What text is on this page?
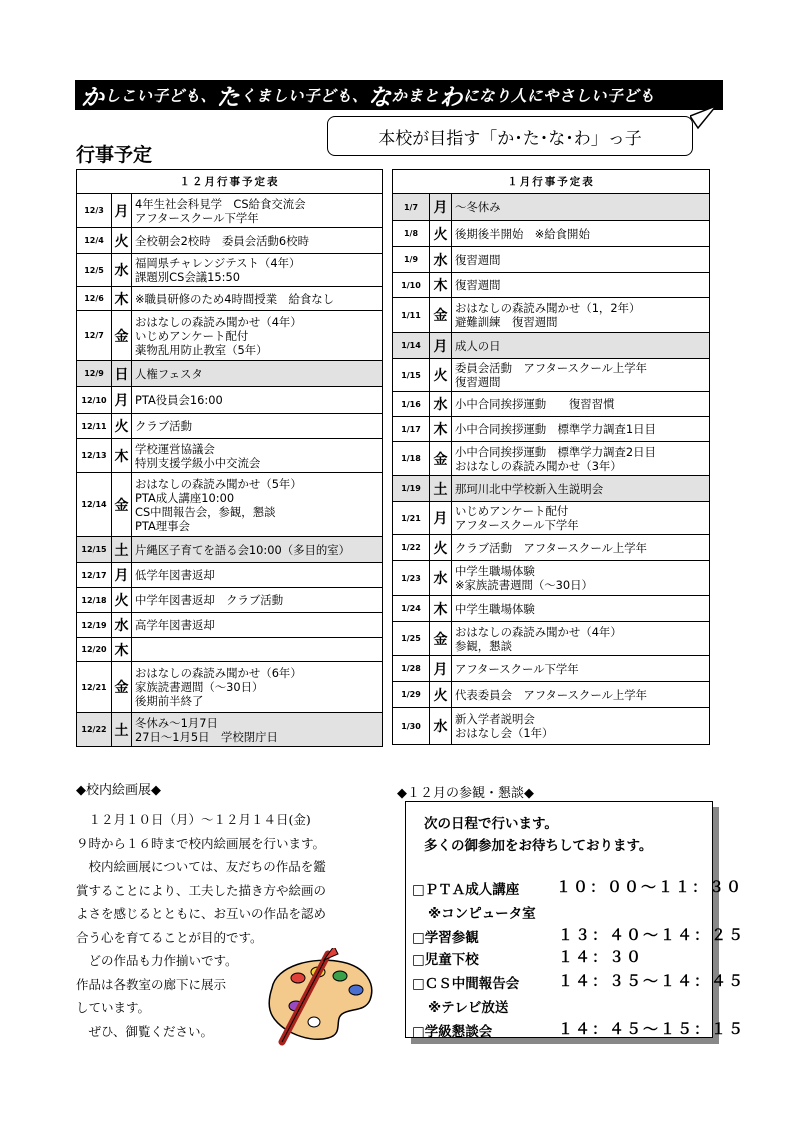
か しこい子ども、 た くましい子ども、 な かまと わ になり人にやさしい子ども
本校が目指す「か･た･な･わ」っ子
行事予定
１２月行事予定表		
12/3	月	4年生社会科見学　CS給食交流会
アフタースクール下学年
12/4	火	全校朝会2校時　委員会活動6校時
12/5	水	福岡県チャレンジテスト（4年）
課題別CS会議15:50
12/6	木	※職員研修のため4時間授業　給食なし
12/7	金	おはなしの森読み聞かせ（4年）
いじめアンケート配付
薬物乱用防止教室（5年）
12/9	日	人権フェスタ
12/10	月	PTA役員会16:00
12/11	火	クラブ活動
12/13	木	学校運営協議会
特別支援学級小中交流会
12/14	金	おはなしの森読み聞かせ（5年）
PTA成人講座10:00
CS中間報告会，参観，懇談
PTA理事会
12/15	土	片縄区子育てを語る会10:00（多目的室）
12/17	月	低学年図書返却
12/18	火	中学年図書返却　クラブ活動
12/19	水	高学年図書返却
12/20	木	
12/21	金	おはなしの森読み聞かせ（6年）
家族読書週間（～30日）
後期前半終了
12/22	土	冬休み～1月7日
27日～1月5日　学校閉庁日
１月行事予定表		
1/7	月	～冬休み
1/8	火	後期後半開始　※給食開始
1/9	水	復習週間
1/10	木	復習週間
1/11	金	おはなしの森読み聞かせ（1，2年）
避難訓練　復習週間
1/14	月	成人の日
1/15	火	委員会活動　アフタースクール上学年
復習週間
1/16	水	小中合同挨拶運動　　復習習慣
1/17	木	小中合同挨拶運動　標準学力調査1日目
1/18	金	小中合同挨拶運動　標準学力調査2日目
おはなしの森読み聞かせ（3年）
1/19	土	那珂川北中学校新入生説明会
1/21	月	いじめアンケート配付
アフタースクール下学年
1/22	火	クラブ活動　アフタースクール上学年
1/23	水	中学生職場体験
※家族読書週間（～30日）
1/24	木	中学生職場体験
1/25	金	おはなしの森読み聞かせ（4年）
参観，懇談
1/28	月	アフタースクール下学年
1/29	火	代表委員会　アフタースクール上学年
1/30	水	新入学者説明会
おはなし会（1年）
◆校内絵画展◆

　１２月１０日（月）～１２月１４日(金)

９時から１６時まで校内絵画展を行います。

　校内絵画展については、友だちの作品を鑑

賞することにより、工夫した描き方や絵画の

よさを感じるとともに、お互いの作品を認め

合う心を育てることが目的です。

　どの作品も力作揃いです。

作品は各教室の廊下に展示

しています。

　ぜひ、御覧ください。

◆１２月の参観・懇談◆
次の日程で行います。
多くの御参加をお待ちしております。
□ＰＴＡ成人講座 １０：００～１１：３０
※コンピュータ室
□学習参観	１３：４０～１４：２５
□児童下校	１４：３０
□ＣＳ中間報告会	１４：３５～１４：４５
※テレビ放送
□学級懇談会	１４：４５～１５：１５
